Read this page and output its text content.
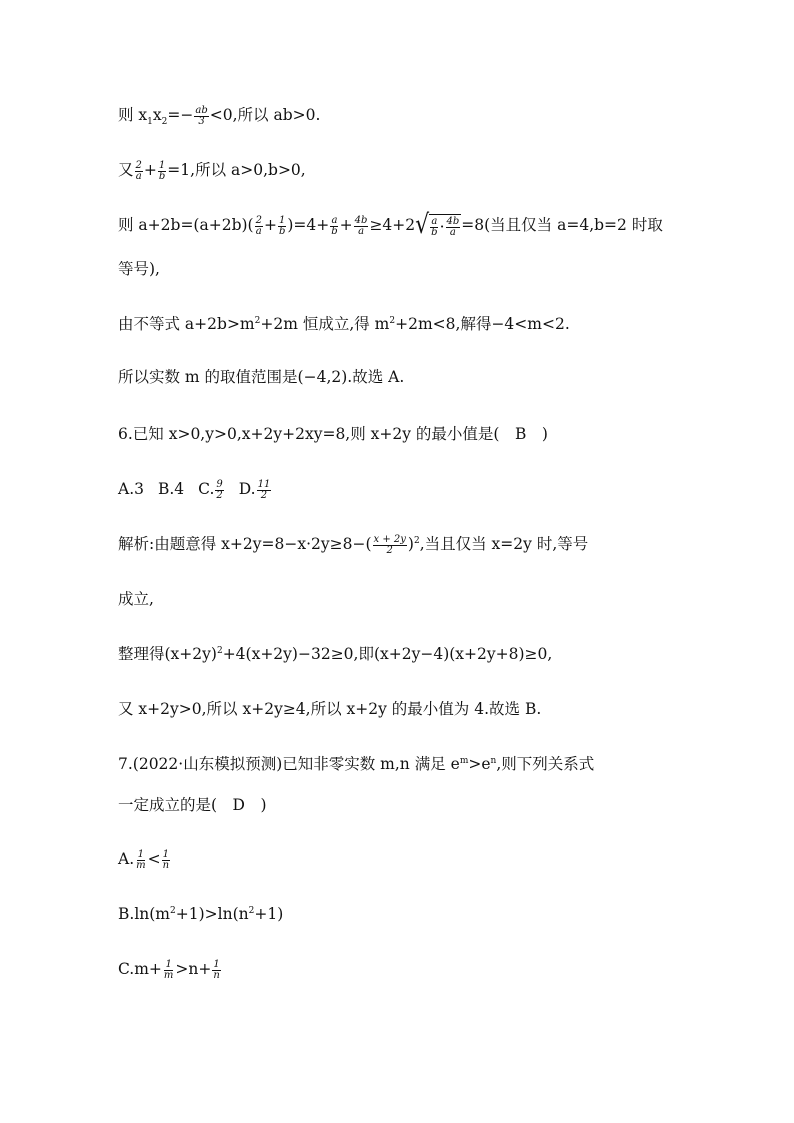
则 $x_1x_2=- \frac{ab}{3} <0$,所以 ab>0.
又 $\frac{2}{a} + \frac{1}{b} =1$,所以 a>0,b>0,
则 $a+2b=(a+2b)( \frac{2}{a} + \frac{1}{b} )=4+ \frac{a}{b} + \frac{4b}{a} \ge 4+2$ √ $\frac{a}{b} \cdot \frac{4b}{a} =8$(当且仅当 a=4,b=2 时取
等号),
由不等式 $a+2b>m^2+2m$ 恒成立,得 $m^2+2m<8$,解得−4<m<2.
所以实数 m 的取值范围是(−4,2).故选 A.
6.已知 x>0,y>0,x+2y+2xy=8,则 x+2y 的最小值是(　B　)
A.3 B.4 C. $\frac{9}{2} D$. $\frac{11}{2}$
解析:由题意得 $x+2y=8-x\cdot 2y\ge 8-( \frac{x + 2y}{2} )^2$,当且仅当 x=2y 时,等号
成立,
整理得$(x+2y)^2+4(x+2y)-32\ge 0$,即(x+2y−4)(x+2y+8)≥0,
又 x+2y>0,所以 x+2y≥4,所以 x+2y 的最小值为 4.故选 B.
7.(2022·山东模拟预测)已知非零实数 m,n 满足 $e^m>e^n$,则下列关系式
一定成立的是(　D　)
A. $\frac{1}{m} < \frac{1}{n}$
$B.\ln(m^2+1)>\ln(n^2+1)$
$C.m+ \frac{1}{m} >n+ \frac{1}{n}$
